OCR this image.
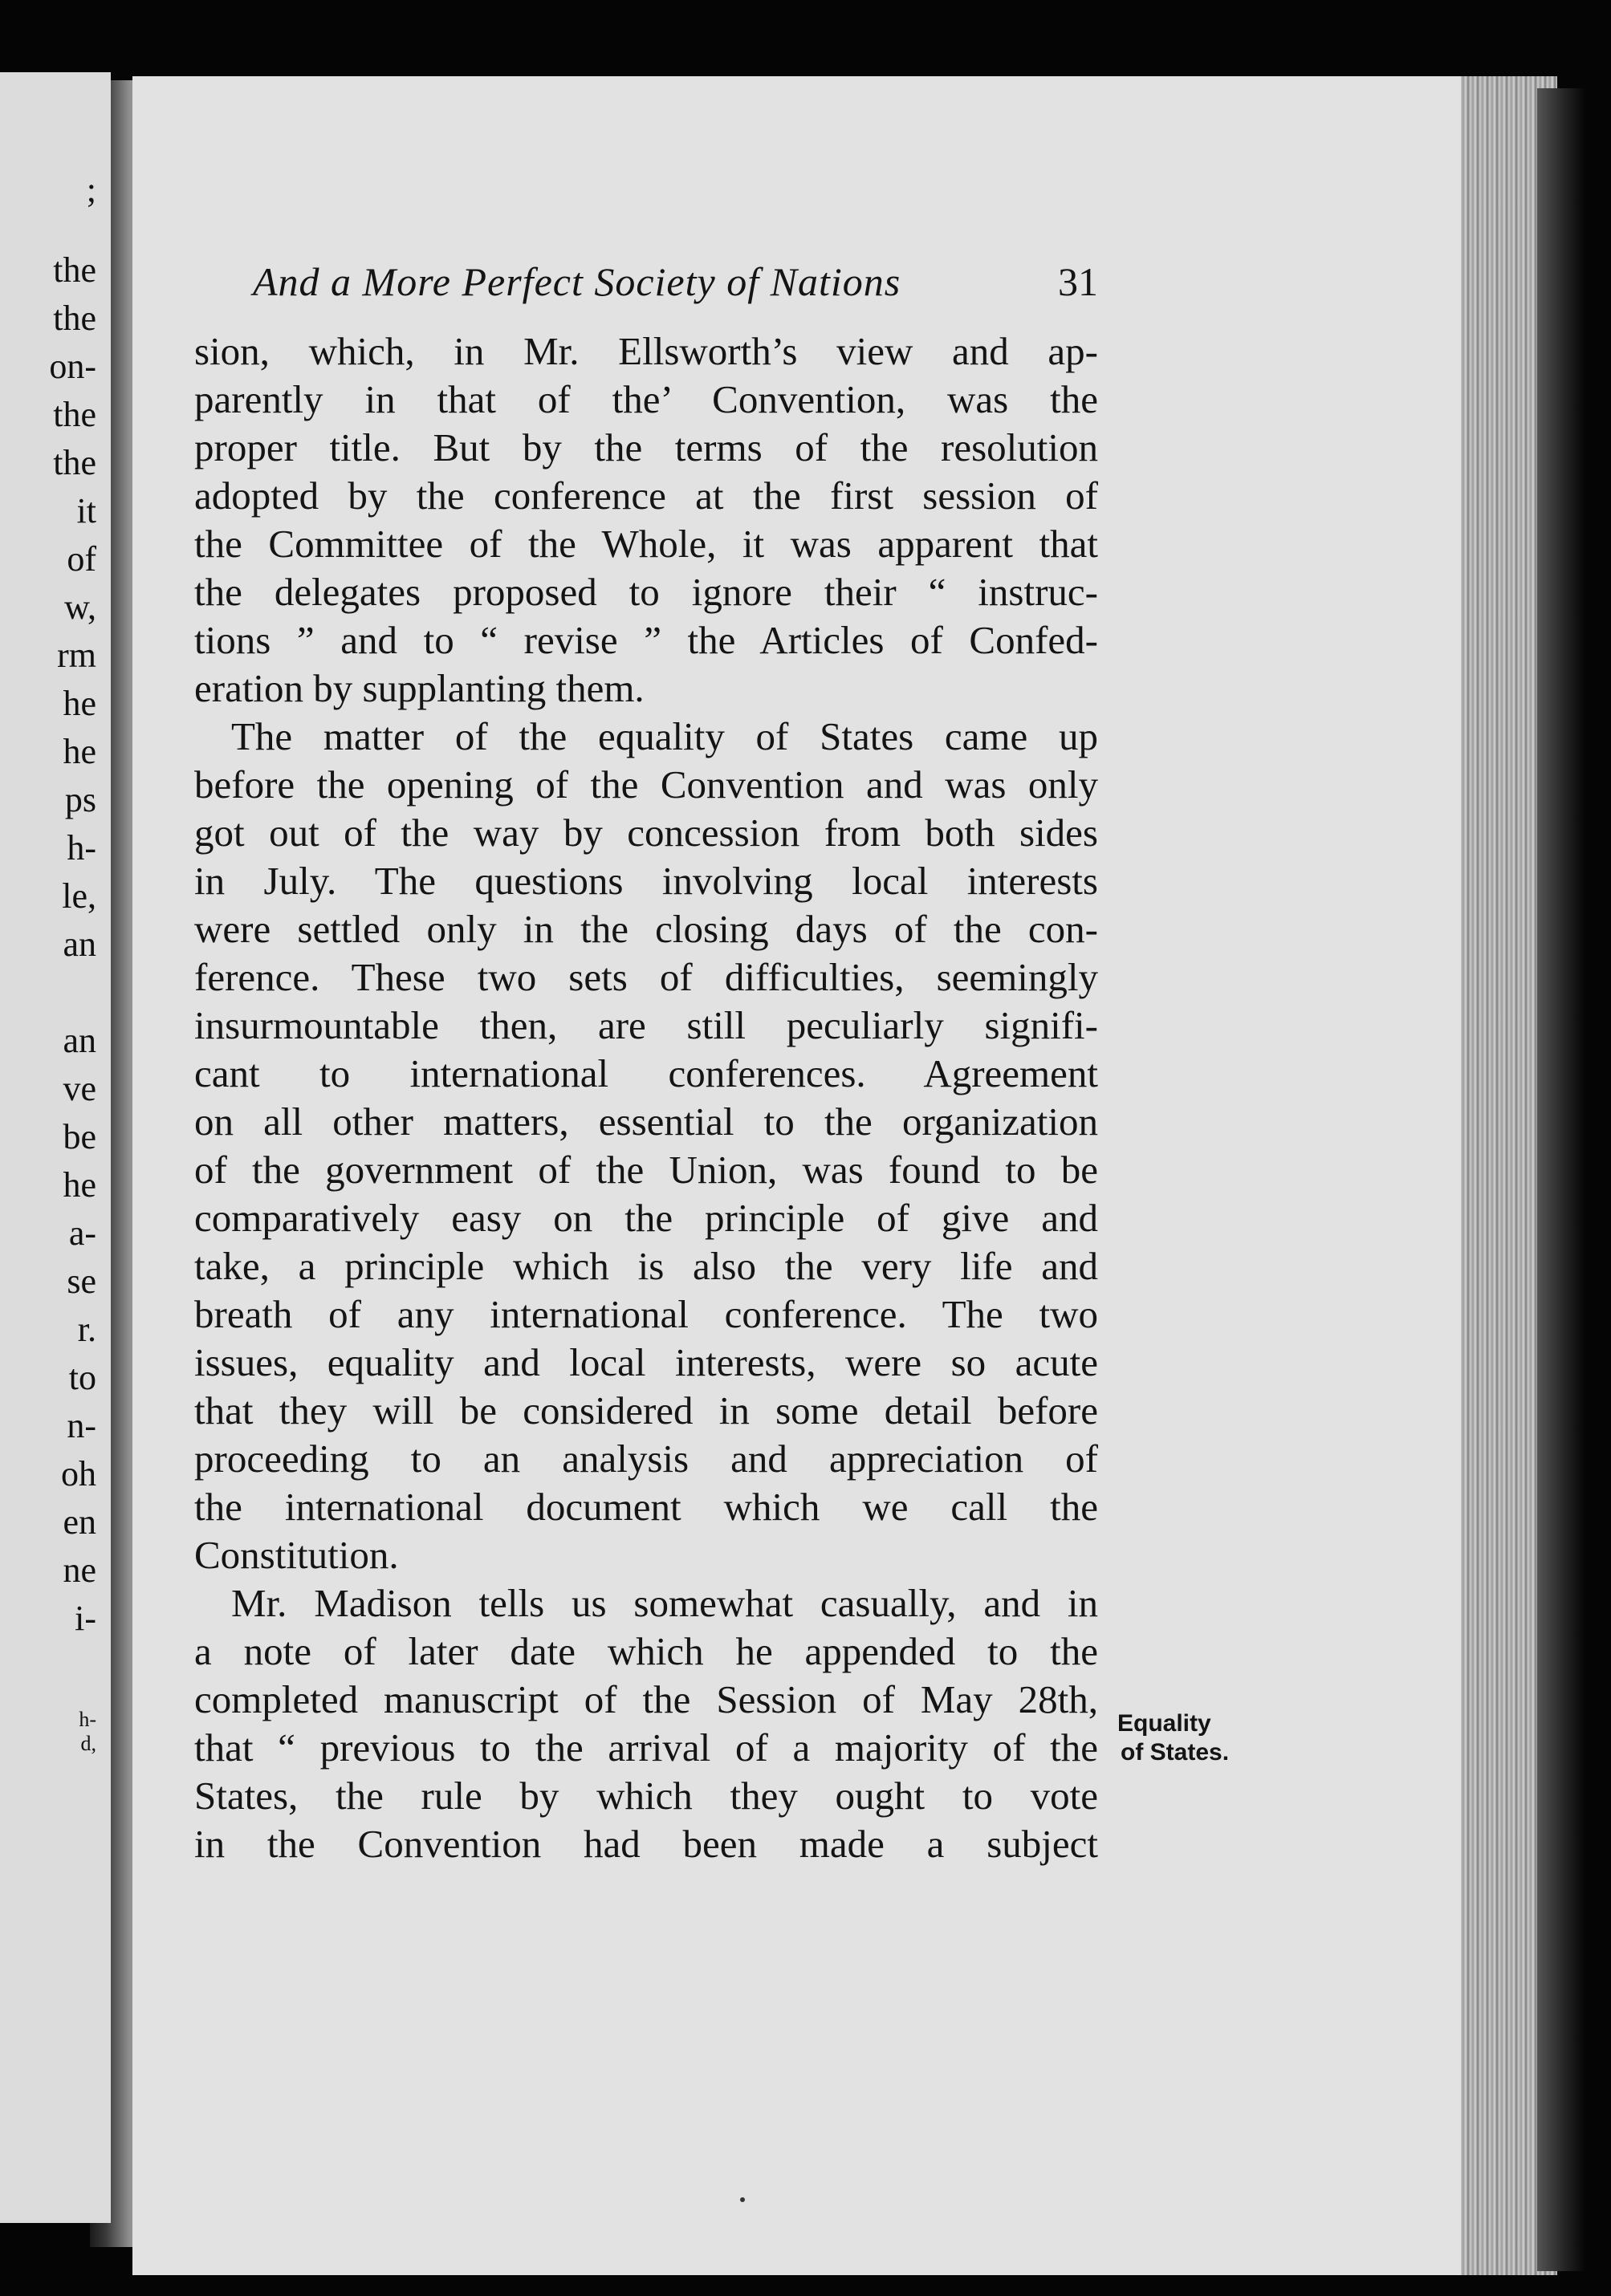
;
the
the
on-
the
the
it
of
w,
rm
he
he
ps
h-
le,
an
an
ve
be
he
a-
se
r.
to
n-
oh
en
ne
i-
h-
d,
And a More Perfect Society of Nations	31
sion, which, in Mr. Ellsworth’s view and ap-
parently in that of the’ Convention, was the
proper title. But by the terms of the resolution
adopted by the conference at the first session of
the Committee of the Whole, it was apparent that
the delegates proposed to ignore their “ instruc-
tions ” and to “ revise ” the Articles of Confed-
eration by supplanting them.
The matter of the equality of States came up
before the opening of the Convention and was only
got out of the way by concession from both sides
in July. The questions involving local interests
were settled only in the closing days of the con-
ference. These two sets of difficulties, seemingly
insurmountable then, are still peculiarly signifi-
cant to international conferences. Agreement
on all other matters, essential to the organization
of the government of the Union, was found to be
comparatively easy on the principle of give and
take, a principle which is also the very life and
breath of any international conference. The two
issues, equality and local interests, were so acute
that they will be considered in some detail before
proceeding to an analysis and appreciation of
the international document which we call the
Constitution.
Mr. Madison tells us somewhat casually, and in
a note of later date which he appended to the
completed manuscript of the Session of May 28th,
that “ previous to the arrival of a majority of the
States, the rule by which they ought to vote
in the Convention had been made a subject
Equality
of States.
